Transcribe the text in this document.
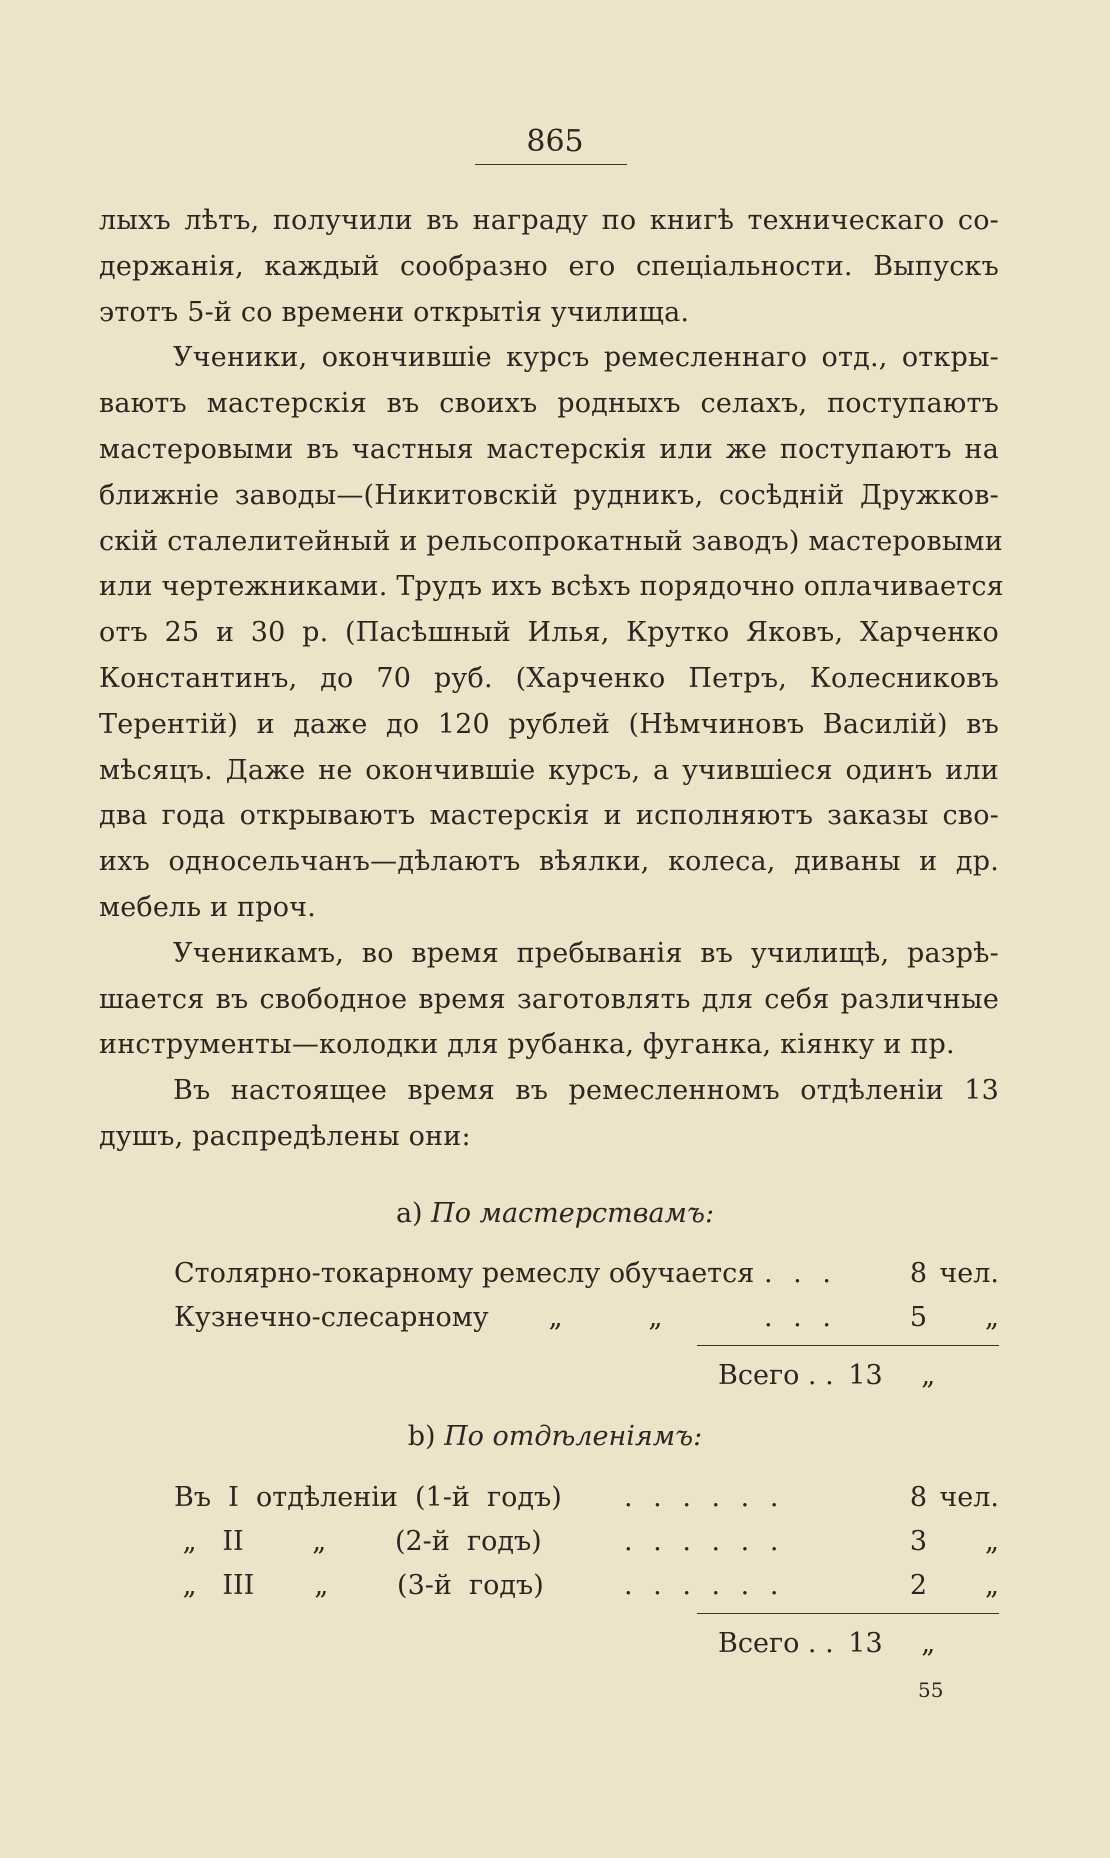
865
лыхъ лѣтъ, получили въ награду по книгѣ техническаго со-
держанія, каждый сообразно его спеціальности. Выпускъ
этотъ 5-й со времени открытія училища.
Ученики, окончившіе курсъ ремесленнаго отд., откры-
ваютъ мастерскія въ своихъ родныхъ селахъ, поступаютъ
мастеровыми въ частныя мастерскія или же поступаютъ на
ближніе заводы—(Никитовскій рудникъ, сосѣдній Дружков-
скій сталелитейный и рельсопрокатный заводъ) мастеровыми
или чертежниками. Трудъ ихъ всѣхъ порядочно оплачивается
отъ 25 и 30 р. (Пасѣшный Илья, Крутко Яковъ, Харченко
Константинъ, до 70 руб. (Харченко Петръ, Колесниковъ
Терентій) и даже до 120 рублей (Нѣмчиновъ Василій) въ
мѣсяцъ. Даже не окончившіе курсъ, а учившіеся одинъ или
два года открываютъ мастерскія и исполняютъ заказы сво-
ихъ односельчанъ—дѣлаютъ вѣялки, колеса, диваны и др.
мебель и проч.
Ученикамъ, во время пребыванія въ училищѣ, разрѣ-
шается въ свободное время заготовлять для себя различные
инструменты—колодки для рубанка, фуганка, кіянку и пр.
Въ настоящее время въ ремесленномъ отдѣленіи 13
душъ, распредѣлены они:
a) По мастерствамъ:
Столярно-токарному ремеслу обучается . . .	8 чел.
Кузнечно-слесарному       „          „	. . .	5	„
Всего . . 13 „
b) По отдѣленіямъ:
Въ  I  отдѣленіи  (1-й  годъ) . . . . . .	8 чел.
„   II        „        (2-й  годъ)	. . . . . .	3	„
„   III       „        (3-й  годъ)	. . . . . .	2	„
Всего . . 13 „
55
